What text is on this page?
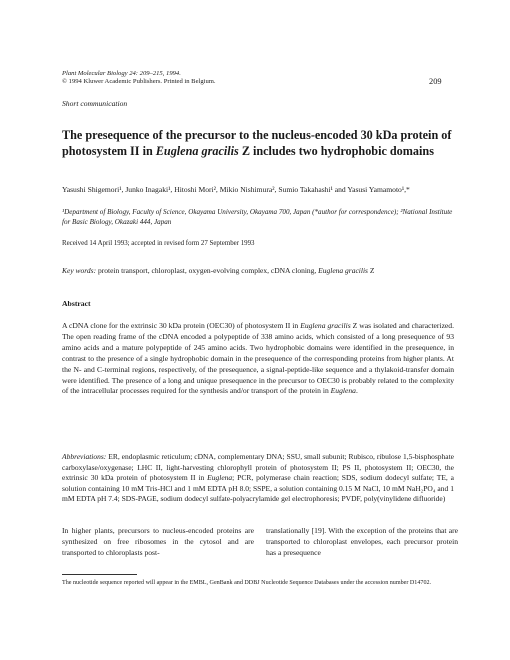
Plant Molecular Biology 24: 209–215, 1994.
© 1994 Kluwer Academic Publishers. Printed in Belgium.	209
Short communication
The presequence of the precursor to the nucleus-encoded 30 kDa protein of photosystem II in Euglena gracilis Z includes two hydrophobic domains
Yasushi Shigemori¹, Junko Inagaki¹, Hitoshi Mori², Mikio Nishimura², Sumio Takahashi¹ and Yasusi Yamamoto¹,*
¹Department of Biology, Faculty of Science, Okayama University, Okayama 700, Japan (*author for correspondence); ²National Institute for Basic Biology, Okazaki 444, Japan
Received 14 April 1993; accepted in revised form 27 September 1993
Key words: protein transport, chloroplast, oxygen-evolving complex, cDNA cloning, Euglena gracilis Z
Abstract
A cDNA clone for the extrinsic 30 kDa protein (OEC30) of photosystem II in Euglena gracilis Z was isolated and characterized. The open reading frame of the cDNA encoded a polypeptide of 338 amino acids, which consisted of a long presequence of 93 amino acids and a mature polypeptide of 245 amino acids. Two hydrophobic domains were identified in the presequence, in contrast to the presence of a single hydrophobic domain in the presequence of the corresponding proteins from higher plants. At the N- and C-terminal regions, respectively, of the presequence, a signal-peptide-like sequence and a thylakoid-transfer domain were identified. The presence of a long and unique presequence in the precursor to OEC30 is probably related to the complexity of the intracellular processes required for the synthesis and/or transport of the protein in Euglena.
Abbreviations: ER, endoplasmic reticulum; cDNA, complementary DNA; SSU, small subunit; Rubisco, ribulose 1,5-bisphosphate carboxylase/oxygenase; LHC II, light-harvesting chlorophyll protein of photosystem II; PS II, photosystem II; OEC30, the extrinsic 30 kDa protein of photosystem II in Euglena; PCR, polymerase chain reaction; SDS, sodium dodecyl sulfate; TE, a solution containing 10 mM Tris-HCl and 1 mM EDTA pH 8.0; SSPE, a solution containing 0.15 M NaCl, 10 mM NaH₂PO₄ and 1 mM EDTA pH 7.4; SDS-PAGE, sodium dodecyl sulfate-polyacrylamide gel electrophoresis; PVDF, poly(vinylidene difluoride)
In higher plants, precursors to nucleus-encoded proteins are synthesized on free ribosomes in the cytosol and are transported to chloroplasts post-
translationally [19]. With the exception of the proteins that are transported to chloroplast envelopes, each precursor protein has a presequence
The nucleotide sequence reported will appear in the EMBL, GenBank and DDBJ Nucleotide Sequence Databases under the accession number D14702.
